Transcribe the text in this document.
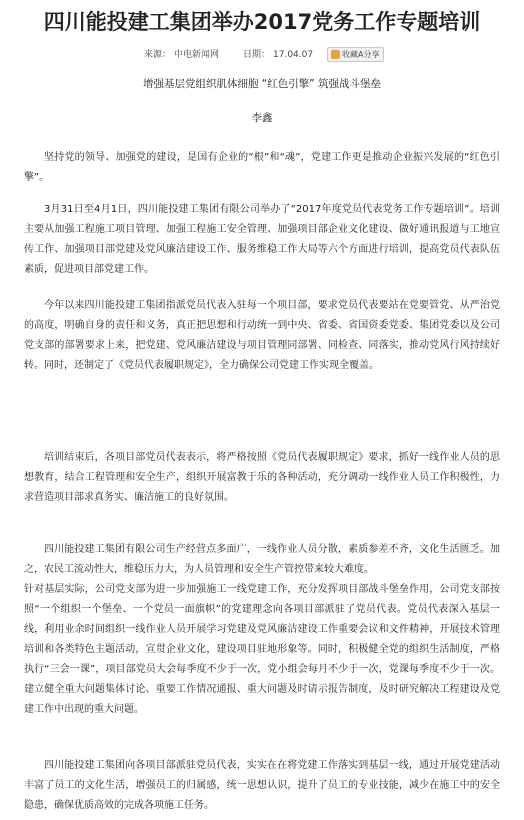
四川能投建工集团举办2017党务工作专题培训
来源： 中电新闻网	日期： 17.04.07	收藏A分享
增强基层党组织肌体细胞 “红色引擎” 筑强战斗堡垒
李鑫

坚持党的领导、加强党的建设，是国有企业的“根”和“魂”，党建工作更是推动企业振兴发展的“红色引擎”。

3月31日至4月1日，四川能投建工集团有限公司举办了“2017年度党员代表党务工作专题培训”。培训主要从加强工程施工项目管理、加强工程施工安全管理、加强项目部企业文化建设、做好通讯报道与工地宣传工作、加强项目部党建及党风廉洁建设工作、服务维稳工作大局等六个方面进行培训，提高党员代表队伍素质，促进项目部党建工作。

今年以来四川能投建工集团指派党员代表入驻每一个项目部，要求党员代表要站在党要管党、从严治党的高度，明确自身的责任和义务，真正把思想和行动统一到中央、省委、省国资委党委、集团党委以及公司党支部的部署要求上来，把党建、党风廉洁建设与项目管理同部署、同检查、同落实，推动党风行风持续好转。同时，还制定了《党员代表履职规定》，全力确保公司党建工作实现全覆盖。

培训结束后，各项目部党员代表表示，将严格按照《党员代表履职规定》要求，抓好一线作业人员的思想教育，结合工程管理和安全生产，组织开展富教于乐的各种活动，充分调动一线作业人员工作积极性，力求营造项目部求真务实、廉洁施工的良好氛围。

四川能投建工集团有限公司生产经营点多面广，一线作业人员分散，素质参差不齐，文化生活匮乏。加之，农民工流动性大，维稳压力大，为人员管理和安全生产管控带来较大难度。
针对基层实际，公司党支部为进一步加强施工一线党建工作，充分发挥项目部战斗堡垒作用，公司党支部按照“一个组织一个堡垒、一个党员一面旗帜”的党建理念向各项目部派驻了党员代表。党员代表深入基层一线，利用业余时间组织一线作业人员开展学习党建及党风廉洁建设工作重要会议和文件精神，开展技术管理培训和各类特色主题活动，宣贯企业文化，建设项目驻地形象等。同时，积极健全党的组织生活制度，严格执行“三会一课”，项目部党员大会每季度不少于一次，党小组会每月不少于一次，党课每季度不少于一次。建立健全重大问题集体讨论、重要工作情况通报、重大问题及时请示报告制度，及时研究解决工程建设及党建工作中出现的重大问题。

四川能投建工集团向各项目部派驻党员代表，实实在在将党建工作落实到基层一线，通过开展党建活动丰富了员工的文化生活，增强员工的归属感，统一思想认识，提升了员工的专业技能，减少在施工中的安全隐患，确保优质高效的完成各项施工任务。
